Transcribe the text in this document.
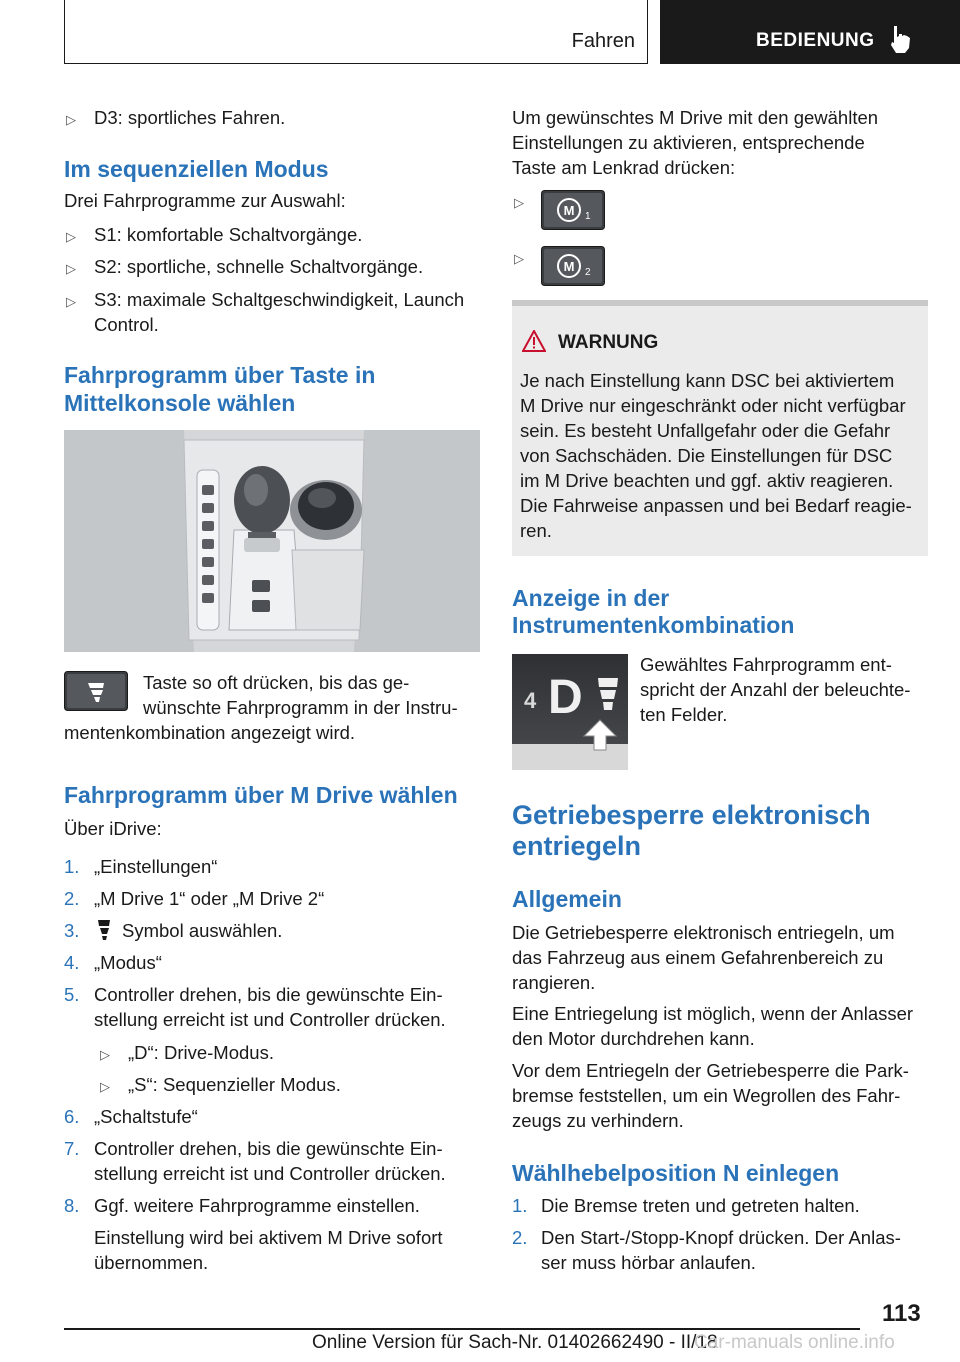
Fahren	BEDIENUNG
▷ D3: sportliches Fahren.
Im sequenziellen Modus
Drei Fahrprogramme zur Auswahl:
▷ S1: komfortable Schaltvorgänge.
▷ S2: sportliche, schnelle Schaltvorgänge.
▷ S3: maximale Schaltgeschwindigkeit, Launch
Control.
Fahrprogramm über Taste in
Mittelkonsole wählen
Taste so oft drücken, bis das ge‐
wünschte Fahrprogramm in der Instru‐
mentenkombination angezeigt wird.
Fahrprogramm über M Drive wählen
Über iDrive:
1. „Einstellungen“
2. „M Drive 1“ oder „M Drive 2“
3. Symbol auswählen.
4. „Modus“
5. Controller drehen, bis die gewünschte Ein‐
stellung erreicht ist und Controller drücken.
▷ „D“: Drive-Modus.
▷ „S“: Sequenzieller Modus.
6. „Schaltstufe“
7. Controller drehen, bis die gewünschte Ein‐
stellung erreicht ist und Controller drücken.
8. Ggf. weitere Fahrprogramme einstellen.
Einstellung wird bei aktivem M Drive sofort
übernommen.
Um gewünschtes M Drive mit den gewählten
Einstellungen zu aktivieren, entsprechende
Taste am Lenkrad drücken:
▷
M 1
▷
M 2
WARNUNG
Je nach Einstellung kann DSC bei aktiviertem
M Drive nur eingeschränkt oder nicht verfügbar
sein. Es besteht Unfallgefahr oder die Gefahr
von Sachschäden. Die Einstellungen für DSC
im M Drive beachten und ggf. aktiv reagieren.
Die Fahrweise anpassen und bei Bedarf reagie‐
ren.
Anzeige in der
Instrumentenkombination
4 D
Gewähltes Fahrprogramm ent‐
spricht der Anzahl der beleuchte‐
ten Felder.
Getriebesperre elektronisch
entriegeln
Allgemein
Die Getriebesperre elektronisch entriegeln, um
das Fahrzeug aus einem Gefahrenbereich zu
rangieren.
Eine Entriegelung ist möglich, wenn der Anlasser
den Motor durchdrehen kann.
Vor dem Entriegeln der Getriebesperre die Park‐
bremse feststellen, um ein Wegrollen des Fahr‐
zeugs zu verhindern.
Wählhebelposition N einlegen
1. Die Bremse treten und getreten halten.
2. Den Start-/Stopp-Knopf drücken. Der Anlas‐
ser muss hörbar anlaufen.
113
Online Version für Sach-Nr. 01402662490 - II/18
Car-manuals online.info
